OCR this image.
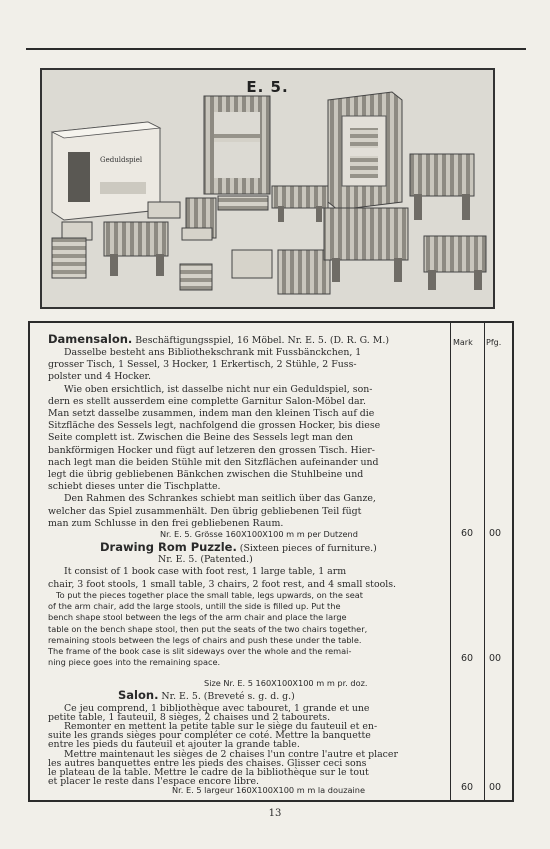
E. 5.
Geduldspiel
Mark Pfg.
Damensalon. Beschäftigungsspiel, 16 Möbel. Nr. E. 5. (D. R. G. M.)
Dasselbe besteht ans Bibliothekschrank mit Fussbänckchen, 1
grosser Tisch, 1 Sessel, 3 Hocker, 1 Erkertisch, 2 Stühle, 2 Fuss-
polster und 4 Hocker.
Wie oben ersichtlich, ist dasselbe nicht nur ein Geduldspiel, son-
dern es stellt ausserdem eine complette Garnitur Salon-Möbel dar.
Man setzt dasselbe zusammen, indem man den kleinen Tisch auf die
Sitzfläche des Sessels legt, nachfolgend die grossen Hocker, bis diese
Seite complett ist. Zwischen die Beine des Sessels legt man den
bankförmigen Hocker und fügt auf letzeren den grossen Tisch. Hier-
nach legt man die beiden Stühle mit den Sitzflächen aufeinander und
legt die übrig gebliebenen Bänkchen zwischen die Stuhlbeine und
schiebt dieses unter die Tischplatte.
Den Rahmen des Schrankes schiebt man seitlich über das Ganze,
welcher das Spiel zusammenhält. Den übrig gebliebenen Teil fügt
man zum Schlusse in den frei gebliebenen Raum.
Nr. E. 5. Grösse 160X100X100 m m per Dutzend	60 00
Drawing Rom Puzzle. (Sixteen pieces of furniture.)
Nr. E. 5. (Patented.)
It consist of 1 book case with foot rest, 1 large table, 1 arm
chair, 3 foot stools, 1 small table, 3 chairs, 2 foot rest, and 4 small stools.
To put the pieces together place the small table, legs upwards, on the seat
of the arm chair, add the large stools, untill the side is filled up. Put the
bench shape stool between the legs of the arm chair and place the large
table on the bench shape stool, then put the seats of the two chairs together,
remaining stools between the legs of chairs and push these under the table.
The frame of the book case is slit sideways over the whole and the remai-
ning piece goes into the remaining space.
Size Nr. E. 5 160X100X100 m m pr. doz.
60 00
Salon. Nr. E. 5. (Breveté s. g. d. g.)
Ce jeu comprend, 1 bibliothèque avec tabouret, 1 grande et une
petite table, 1 fauteuil, 8 sièges, 2 chaises und 2 tabourets.
Remonter en mettent la petite table sur le siège du fauteuil et en-
suite les grands sièges pour compléter ce coté. Mettre la banquette
entre les pieds du fauteuil et ajouter la grande table.
Mettre maintenaut les sièges de 2 chaises l'un contre l'autre et placer
les autres banquettes entre les pieds des chaises. Glisser ceci sons
le plateau de la table. Mettre le cadre de la bibliothèque sur le tout
et placer le reste dans l'espace encore libre.
Nr. E. 5 largeur 160X100X100 m m la douzaine	60 00
13
